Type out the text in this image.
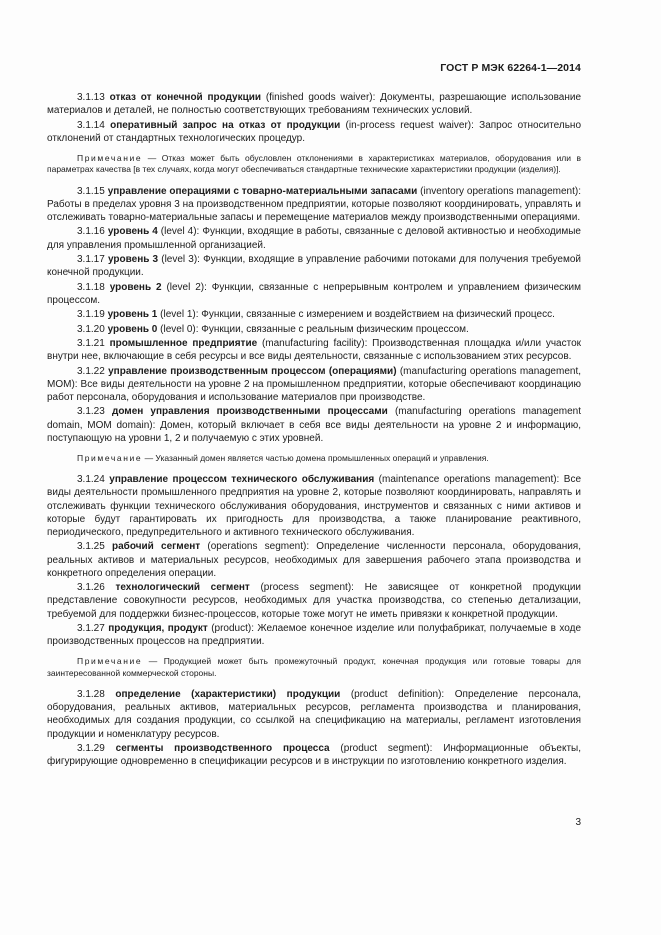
ГОСТ Р МЭК 62264-1—2014

3.1.13 отказ от конечной продукции (finished goods waiver): Документы, разрешающие использование материалов и деталей, не полностью соответствующих требованиям технических условий.

3.1.14 оперативный запрос на отказ от продукции (in-process request waiver): Запрос относительно отклонений от стандартных технологических процедур.

Примечание — Отказ может быть обусловлен отклонениями в характеристиках материалов, оборудования или в параметрах качества [в тех случаях, когда могут обеспечиваться стандартные технические характеристики продукции (изделия)].

3.1.15 управление операциями с товарно-материальными запасами (inventory operations management): Работы в пределах уровня 3 на производственном предприятии, которые позволяют координировать, управлять и отслеживать товарно-материальные запасы и перемещение материалов между производственными операциями.

3.1.16 уровень 4 (level 4): Функции, входящие в работы, связанные с деловой активностью и необходимые для управления промышленной организацией.

3.1.17 уровень 3 (level 3): Функции, входящие в управление рабочими потоками для получения требуемой конечной продукции.

3.1.18 уровень 2 (level 2): Функции, связанные с непрерывным контролем и управлением физическим процессом.

3.1.19 уровень 1 (level 1): Функции, связанные с измерением и воздействием на физический процесс.

3.1.20 уровень 0 (level 0): Функции, связанные с реальным физическим процессом.

3.1.21 промышленное предприятие (manufacturing facility): Производственная площадка и/или участок внутри нее, включающие в себя ресурсы и все виды деятельности, связанные с использованием этих ресурсов.

3.1.22 управление производственным процессом (операциями) (manufacturing operations management, MOM): Все виды деятельности на уровне 2 на промышленном предприятии, которые обеспечивают координацию работ персонала, оборудования и использование материалов при производстве.

3.1.23 домен управления производственными процессами (manufacturing operations management domain, MOM domain): Домен, который включает в себя все виды деятельности на уровне 2 и информацию, поступающую на уровни 1, 2 и получаемую с этих уровней.

Примечание — Указанный домен является частью домена промышленных операций и управления.

3.1.24 управление процессом технического обслуживания (maintenance operations management): Все виды деятельности промышленного предприятия на уровне 2, которые позволяют координировать, направлять и отслеживать функции технического обслуживания оборудования, инструментов и связанных с ними активов и которые будут гарантировать их пригодность для производства, а также планирование реактивного, периодического, предупредительного и активного технического обслуживания.

3.1.25 рабочий сегмент (operations segment): Определение численности персонала, оборудования, реальных активов и материальных ресурсов, необходимых для завершения рабочего этапа производства и конкретного определения операции.

3.1.26 технологический сегмент (process segment): Не зависящее от конкретной продукции представление совокупности ресурсов, необходимых для участка производства, со степенью детализации, требуемой для поддержки бизнес-процессов, которые тоже могут не иметь привязки к конкретной продукции.

3.1.27 продукция, продукт (product): Желаемое конечное изделие или полуфабрикат, получаемые в ходе производственных процессов на предприятии.

Примечание — Продукцией может быть промежуточный продукт, конечная продукция или готовые товары для заинтересованной коммерческой стороны.

3.1.28 определение (характеристики) продукции (product definition): Определение персонала, оборудования, реальных активов, материальных ресурсов, регламента производства и планирования, необходимых для создания продукции, со ссылкой на спецификацию на материалы, регламент изготовления продукции и номенклатуру ресурсов.

3.1.29 сегменты производственного процесса (product segment): Информационные объекты, фигурирующие одновременно в спецификации ресурсов и в инструкции по изготовлению конкретного изделия.

3
